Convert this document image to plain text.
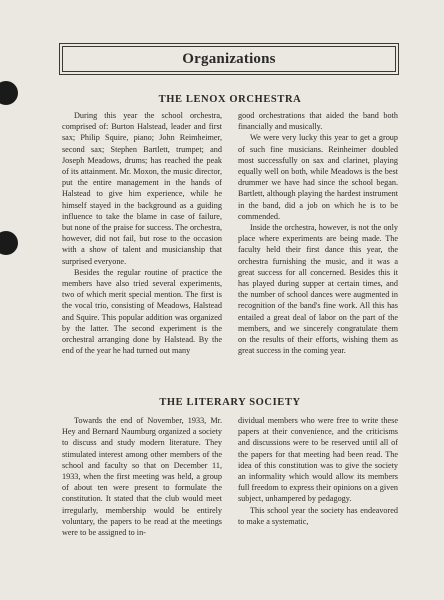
Organizations
THE LENOX ORCHESTRA

During this year the school orchestra, comprised of: Burton Halstead, leader and first sax; Philip Squire, piano; John Reimheimer, second sax; Stephen Bartlett, trumpet; and Joseph Meadows, drums; has reached the peak of its attainment. Mr. Moxon, the music director, put the entire management in the hands of Halstead to give him experience, while he himself stayed in the background as a guiding influence to take the blame in case of failure, but none of the praise for success. The orchestra, however, did not fail, but rose to the occasion with a show of talent and musicianship that surprised everyone.

Besides the regular routine of practice the members have also tried several experiments, two of which merit special mention. The first is the vocal trio, consisting of Meadows, Halstead and Squire. This popular addition was organized by the latter. The second experiment is the orchestral arranging done by Halstead. By the end of the year he had turned out many

good orchestrations that aided the band both financially and musically.

We were very lucky this year to get a group of such fine musicians. Reinheimer doubled most successfully on sax and clarinet, playing equally well on both, while Meadows is the best drummer we have had since the school began. Bartlett, although playing the hardest instrument in the band, did a job on which he is to be commended.

Inside the orchestra, however, is not the only place where experiments are being made. The faculty held their first dance this year, the orchestra furnishing the music, and it was a great success for all concerned. Besides this it has played during supper at certain times, and the number of school dances were augmented in recognition of the band's fine work. All this has entailed a great deal of labor on the part of the members, and we sincerely congratulate them on the results of their efforts, wishing them as great success in the coming year.

THE LITERARY SOCIETY

Towards the end of November, 1933, Mr. Hey and Bernard Naumburg organized a society to discuss and study modern literature. They stimulated interest among other members of the school and faculty so that on December 11, 1933, when the first meeting was held, a group of about ten were present to formulate the constitution. It stated that the club would meet irregularly, membership would be entirely voluntary, the papers to be read at the meetings were to be assigned to in-

dividual members who were free to write these papers at their convenience, and the criticisms and discussions were to be reserved until all of the papers for that meeting had been read. The idea of this constitution was to give the society an informality which would allow its members full freedom to express their opinions on a given subject, unhampered by pedagogy.

This school year the society has endeavored to make a systematic,
